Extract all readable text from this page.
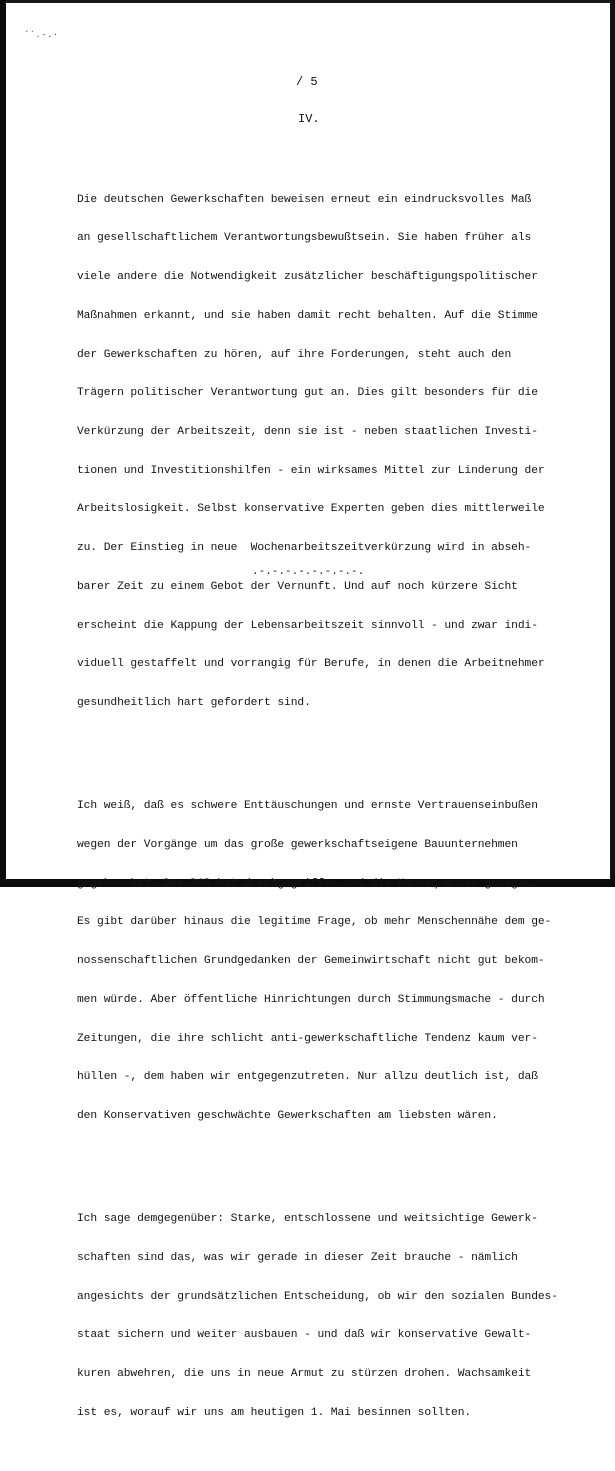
´´.-.·
/ 5
IV.

Die deutschen Gewerkschaften beweisen erneut ein eindrucksvolles Maß

an gesellschaftlichem Verantwortungsbewußtsein. Sie haben früher als

viele andere die Notwendigkeit zusätzlicher beschäftigungspolitischer

Maßnahmen erkannt, und sie haben damit recht behalten. Auf die Stimme

der Gewerkschaften zu hören, auf ihre Forderungen, steht auch den

Trägern politischer Verantwortung gut an. Dies gilt besonders für die

Verkürzung der Arbeitszeit, denn sie ist - neben staatlichen Investi-

tionen und Investitionshilfen - ein wirksames Mittel zur Linderung der

Arbeitslosigkeit. Selbst konservative Experten geben dies mittlerweile

zu. Der Einstieg in neue  Wochenarbeitszeitverkürzung wird in abseh-

barer Zeit zu einem Gebot der Vernunft. Und auf noch kürzere Sicht

erscheint die Kappung der Lebensarbeitszeit sinnvoll - und zwar indi-

viduell gestaffelt und vorrangig für Berufe, in denen die Arbeitnehmer

gesundheitlich hart gefordert sind.

Ich weiß, daß es schwere Enttäuschungen und ernste Vertrauenseinbußen

wegen der Vorgänge um das große gewerkschaftseigene Bauunternehmen

gegeben hat. Der DGB hat durchgegriffen und die Konsequenzen gezogen.

Es gibt darüber hinaus die legitime Frage, ob mehr Menschennähe dem ge-

nossenschaftlichen Grundgedanken der Gemeinwirtschaft nicht gut bekom-

men würde. Aber öffentliche Hinrichtungen durch Stimmungsmache - durch

Zeitungen, die ihre schlicht anti-gewerkschaftliche Tendenz kaum ver-

hüllen -, dem haben wir entgegenzutreten. Nur allzu deutlich ist, daß

den Konservativen geschwächte Gewerkschaften am liebsten wären.

Ich sage demgegenüber: Starke, entschlossene und weitsichtige Gewerk-

schaften sind das, was wir gerade in dieser Zeit brauche - nämlich

angesichts der grundsätzlichen Entscheidung, ob wir den sozialen Bundes-

staat sichern und weiter ausbauen - und daß wir konservative Gewalt-

kuren abwehren, die uns in neue Armut zu stürzen drohen. Wachsamkeit

ist es, worauf wir uns am heutigen 1. Mai besinnen sollten.

.-.-.-.-.-.-.-.-.
